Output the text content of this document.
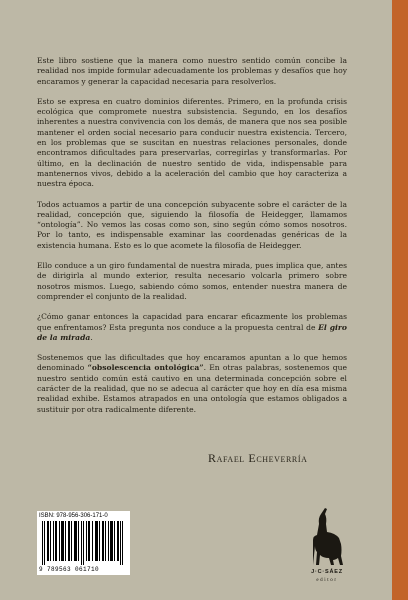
Este libro sostiene que la manera como nuestro sentido común concibe la realidad nos impide formular adecuadamente los problemas y desafíos que hoy encaramos y generar la capacidad necesaria para resolverlos.

Esto se expresa en cuatro dominios diferentes. Primero, en la profunda crisis ecológica que compromete nuestra subsistencia. Segundo, en los desafíos inherentes a nuestra convivencia con los demás, de manera que nos sea posible mantener el orden social necesario para conducir nuestra existencia. Tercero, en los problemas que se suscitan en nuestras relaciones personales, donde encontramos dificultades para preservarlas, corregirlas y transformarlas. Por último, en la declinación de nuestro sentido de vida, indispensable para mantenernos vivos, debido a la aceleración del cambio que hoy caracteriza a nuestra época.

Todos actuamos a partir de una concepción subyacente sobre el carácter de la realidad, concepción que, siguiendo la filosofía de Heidegger, llamamos “ontología”. No vemos las cosas como son, sino según cómo somos nosotros. Por lo tanto, es indispensable examinar las coordenadas genéricas de la existencia humana. Esto es lo que acomete la filosofía de Heidegger.

Ello conduce a un giro fundamental de nuestra mirada, pues implica que, antes de dirigirla al mundo exterior, resulta necesario volcarla primero sobre nosotros mismos. Luego, sabiendo cómo somos, entender nuestra manera de comprender el conjunto de la realidad.

¿Cómo ganar entonces la capacidad para encarar eficazmente los problemas que enfrentamos? Esta pregunta nos conduce a la propuesta central de El giro de la mirada.

Sostenemos que las dificultades que hoy encaramos apuntan a lo que hemos denominado “obsolescencia ontológica”. En otras palabras, sostenemos que nuestro sentido común está cautivo en una determinada concepción sobre el carácter de la realidad, que no se adecua al carácter que hoy en día esa misma realidad exhibe. Estamos atrapados en una ontología que estamos obligados a sustituir por otra radicalmente diferente.

Rafael Echeverría
ISBN: 978-956-306-171-0
9 789563 061710	J·C·SÁEZ
editor
